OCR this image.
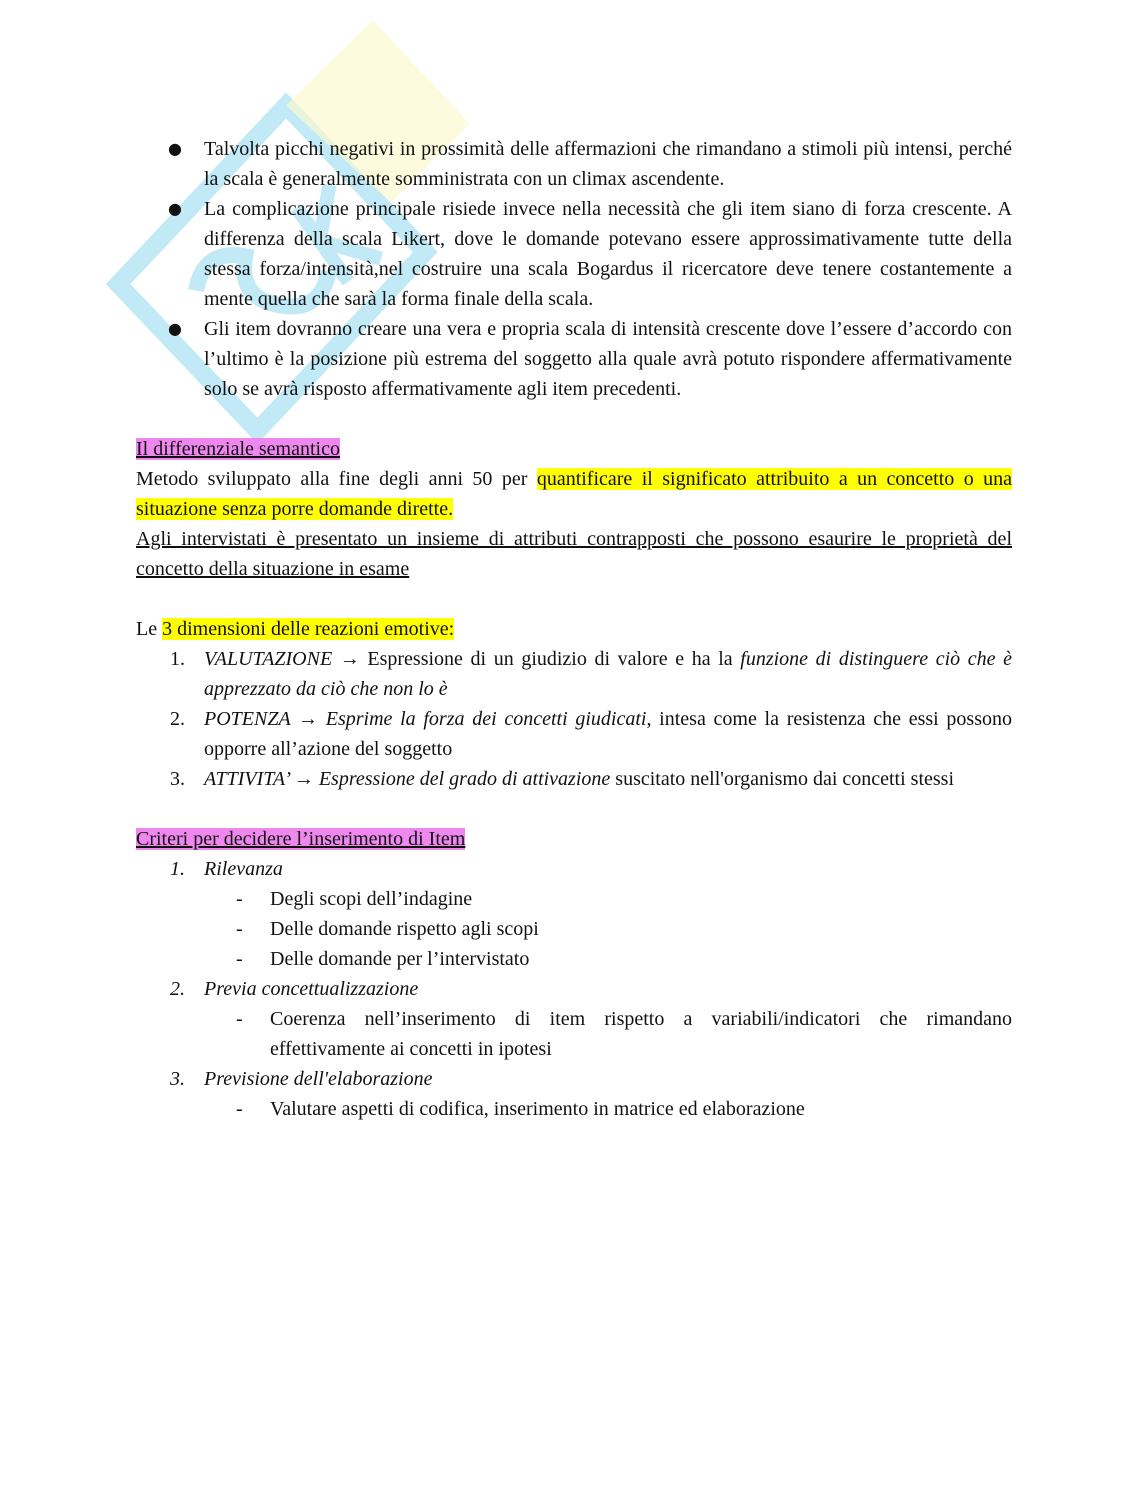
● Talvolta picchi negativi in prossimità delle affermazioni che rimandano a stimoli più intensi, perché la scala è generalmente somministrata con un climax ascendente.
● La complicazione principale risiede invece nella necessità che gli item siano di forza crescente. A differenza della scala Likert, dove le domande potevano essere approssimativamente tutte della stessa forza/intensità,nel costruire una scala Bogardus il ricercatore deve tenere costantemente a mente quella che sarà la forma finale della scala.
● Gli item dovranno creare una vera e propria scala di intensità crescente dove l’essere d’accordo con l’ultimo è la posizione più estrema del soggetto alla quale avrà potuto rispondere affermativamente solo se avrà risposto affermativamente agli item precedenti.
Il differenziale semantico
Metodo sviluppato alla fine degli anni 50 per quantificare il significato attribuito a un concetto o una situazione senza porre domande dirette.
Agli intervistati è presentato un insieme di attributi contrapposti che possono esaurire le proprietà del concetto della situazione in esame
Le 3 dimensioni delle reazioni emotive:
1. VALUTAZIONE → Espressione di un giudizio di valore e ha la funzione di distinguere ciò che è apprezzato da ciò che non lo è
2. POTENZA → Esprime la forza dei concetti giudicati, intesa come la resistenza che essi possono opporre all’azione del soggetto
3. ATTIVITA’ → Espressione del grado di attivazione suscitato nell'organismo dai concetti stessi
Criteri per decidere l’inserimento di Item
1. Rilevanza
- Degli scopi dell’indagine
- Delle domande rispetto agli scopi
- Delle domande per l’intervistato
2. Previa concettualizzazione
- Coerenza nell’inserimento di item rispetto a variabili/indicatori che rimandano effettivamente ai concetti in ipotesi
3. Previsione dell'elaborazione
- Valutare aspetti di codifica, inserimento in matrice ed elaborazione
